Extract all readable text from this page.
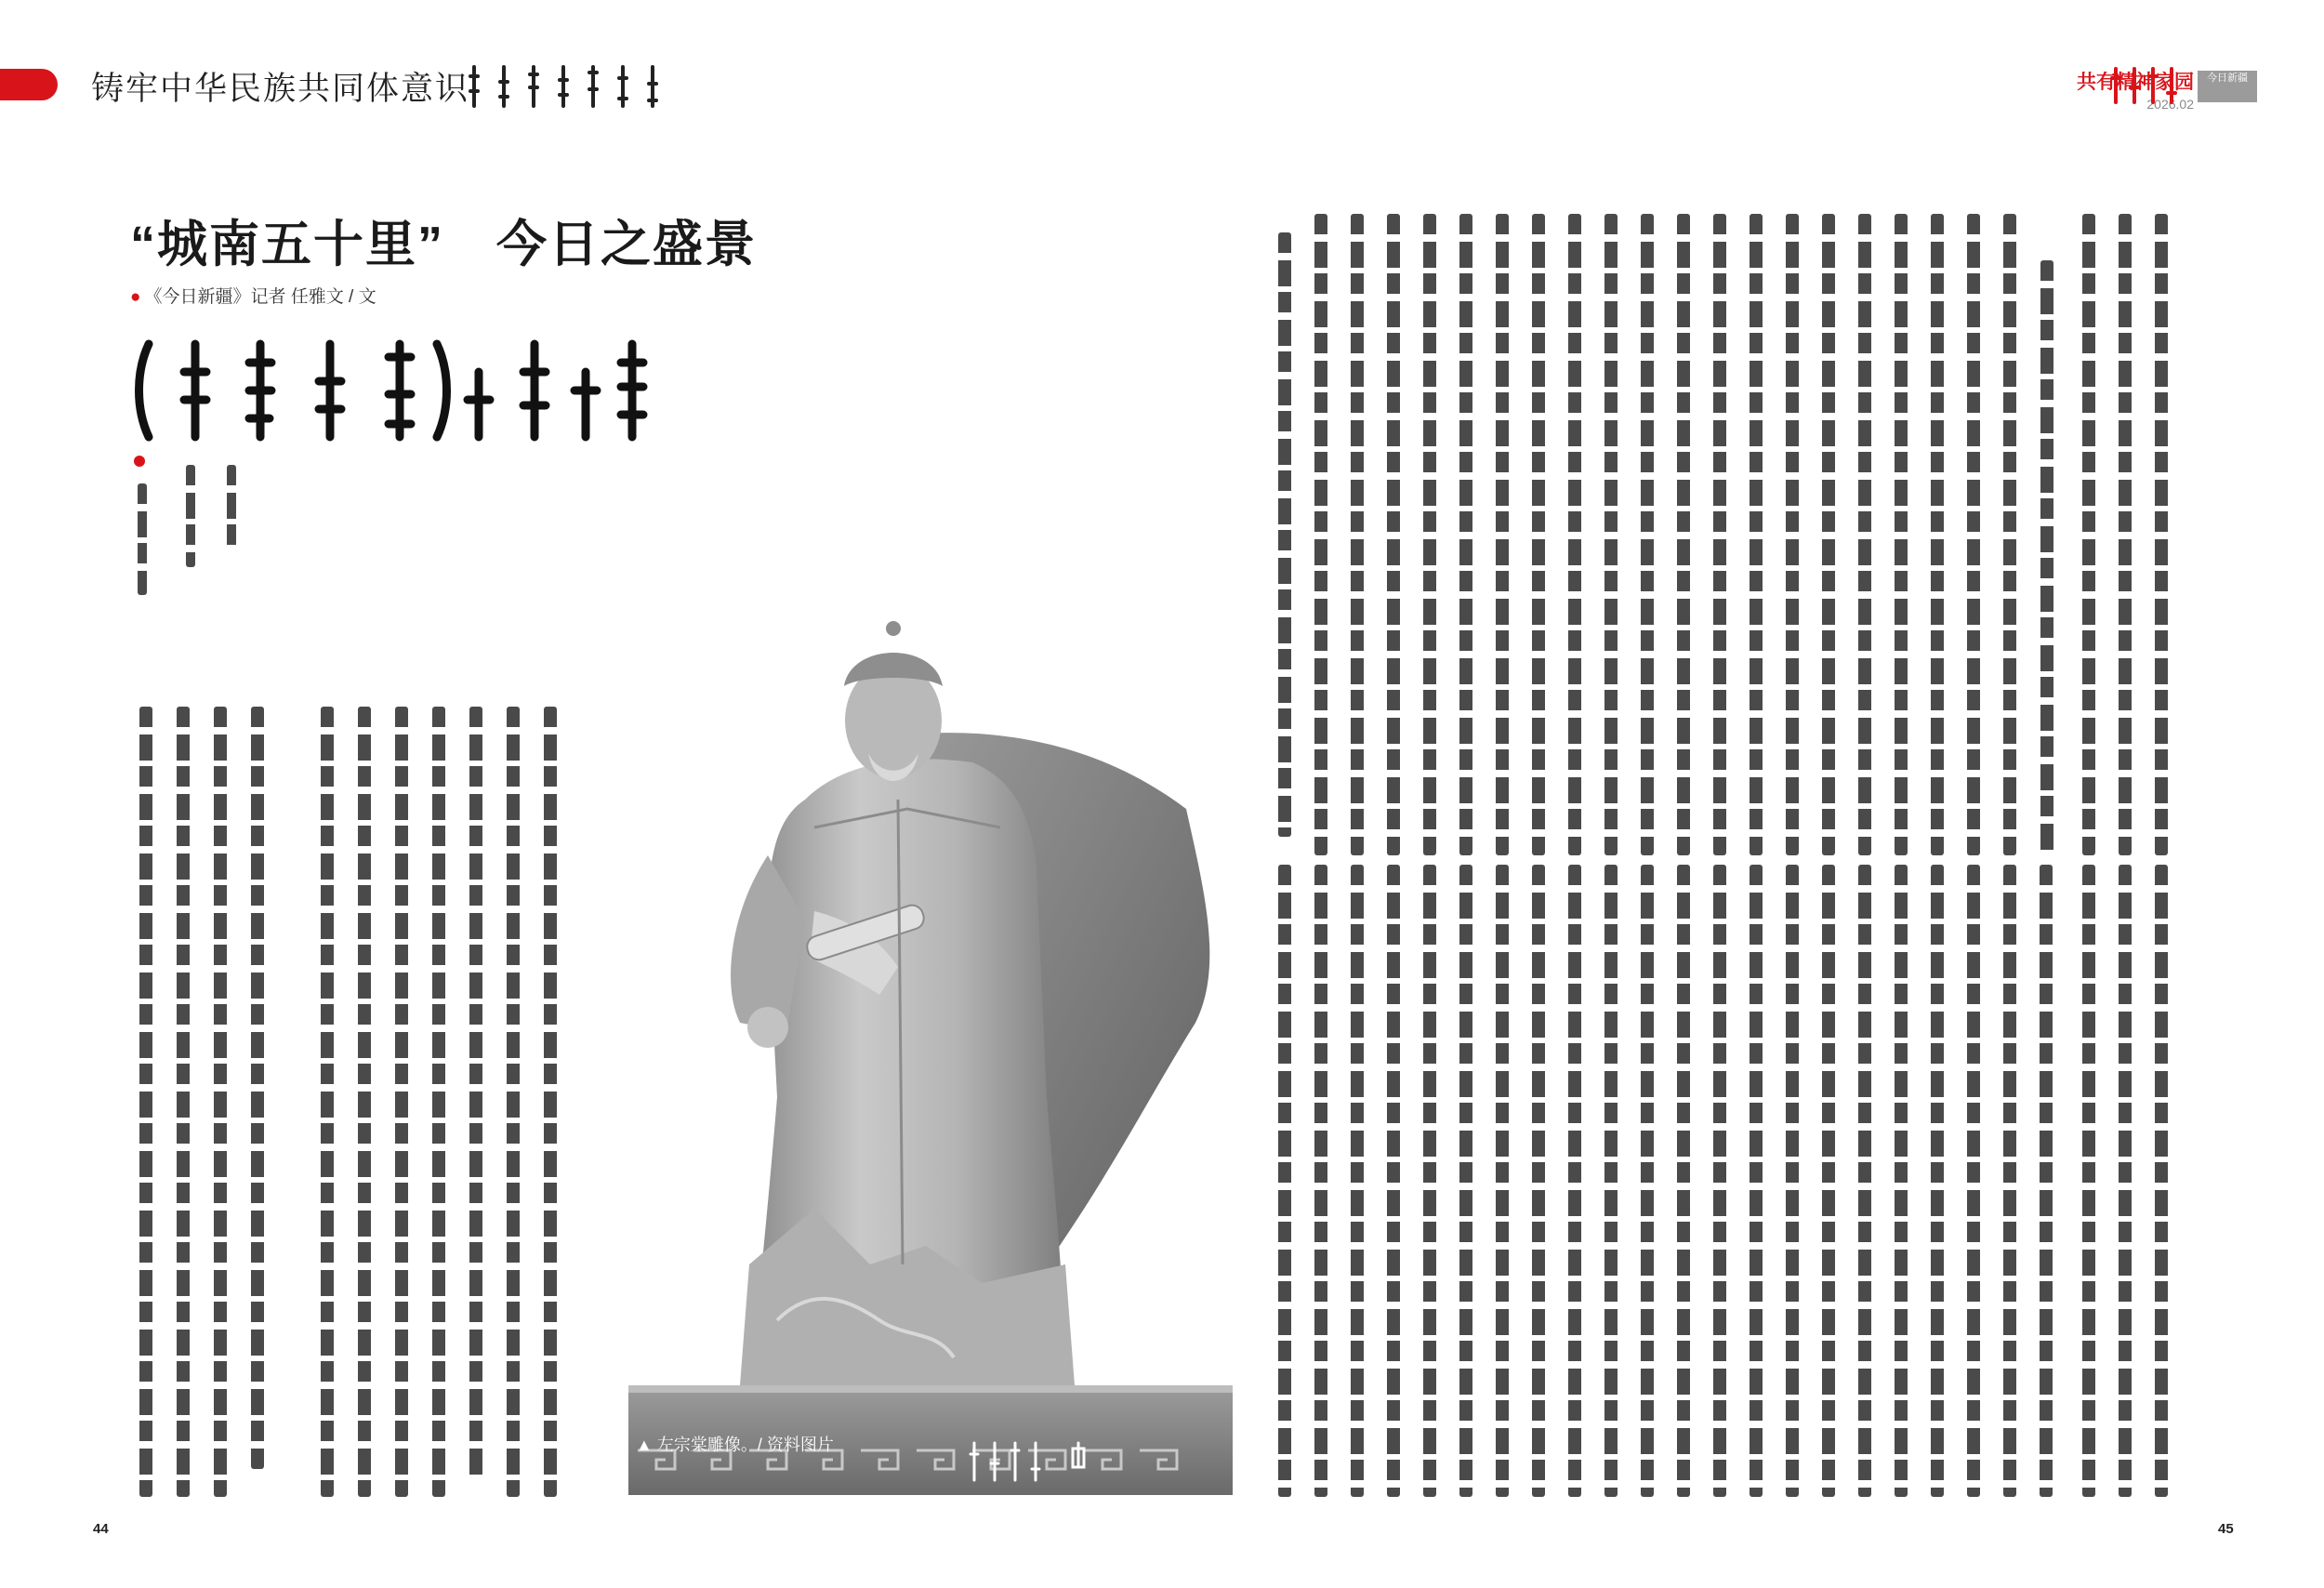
铸牢中华民族共同体意识	共有精神家园
2026.02
今日新疆
“城南五十里”　今日之盛景
● 《今日新疆》记者 任雅文 / 文
▲ 左宗棠雕像。/ 资料图片
44	45
